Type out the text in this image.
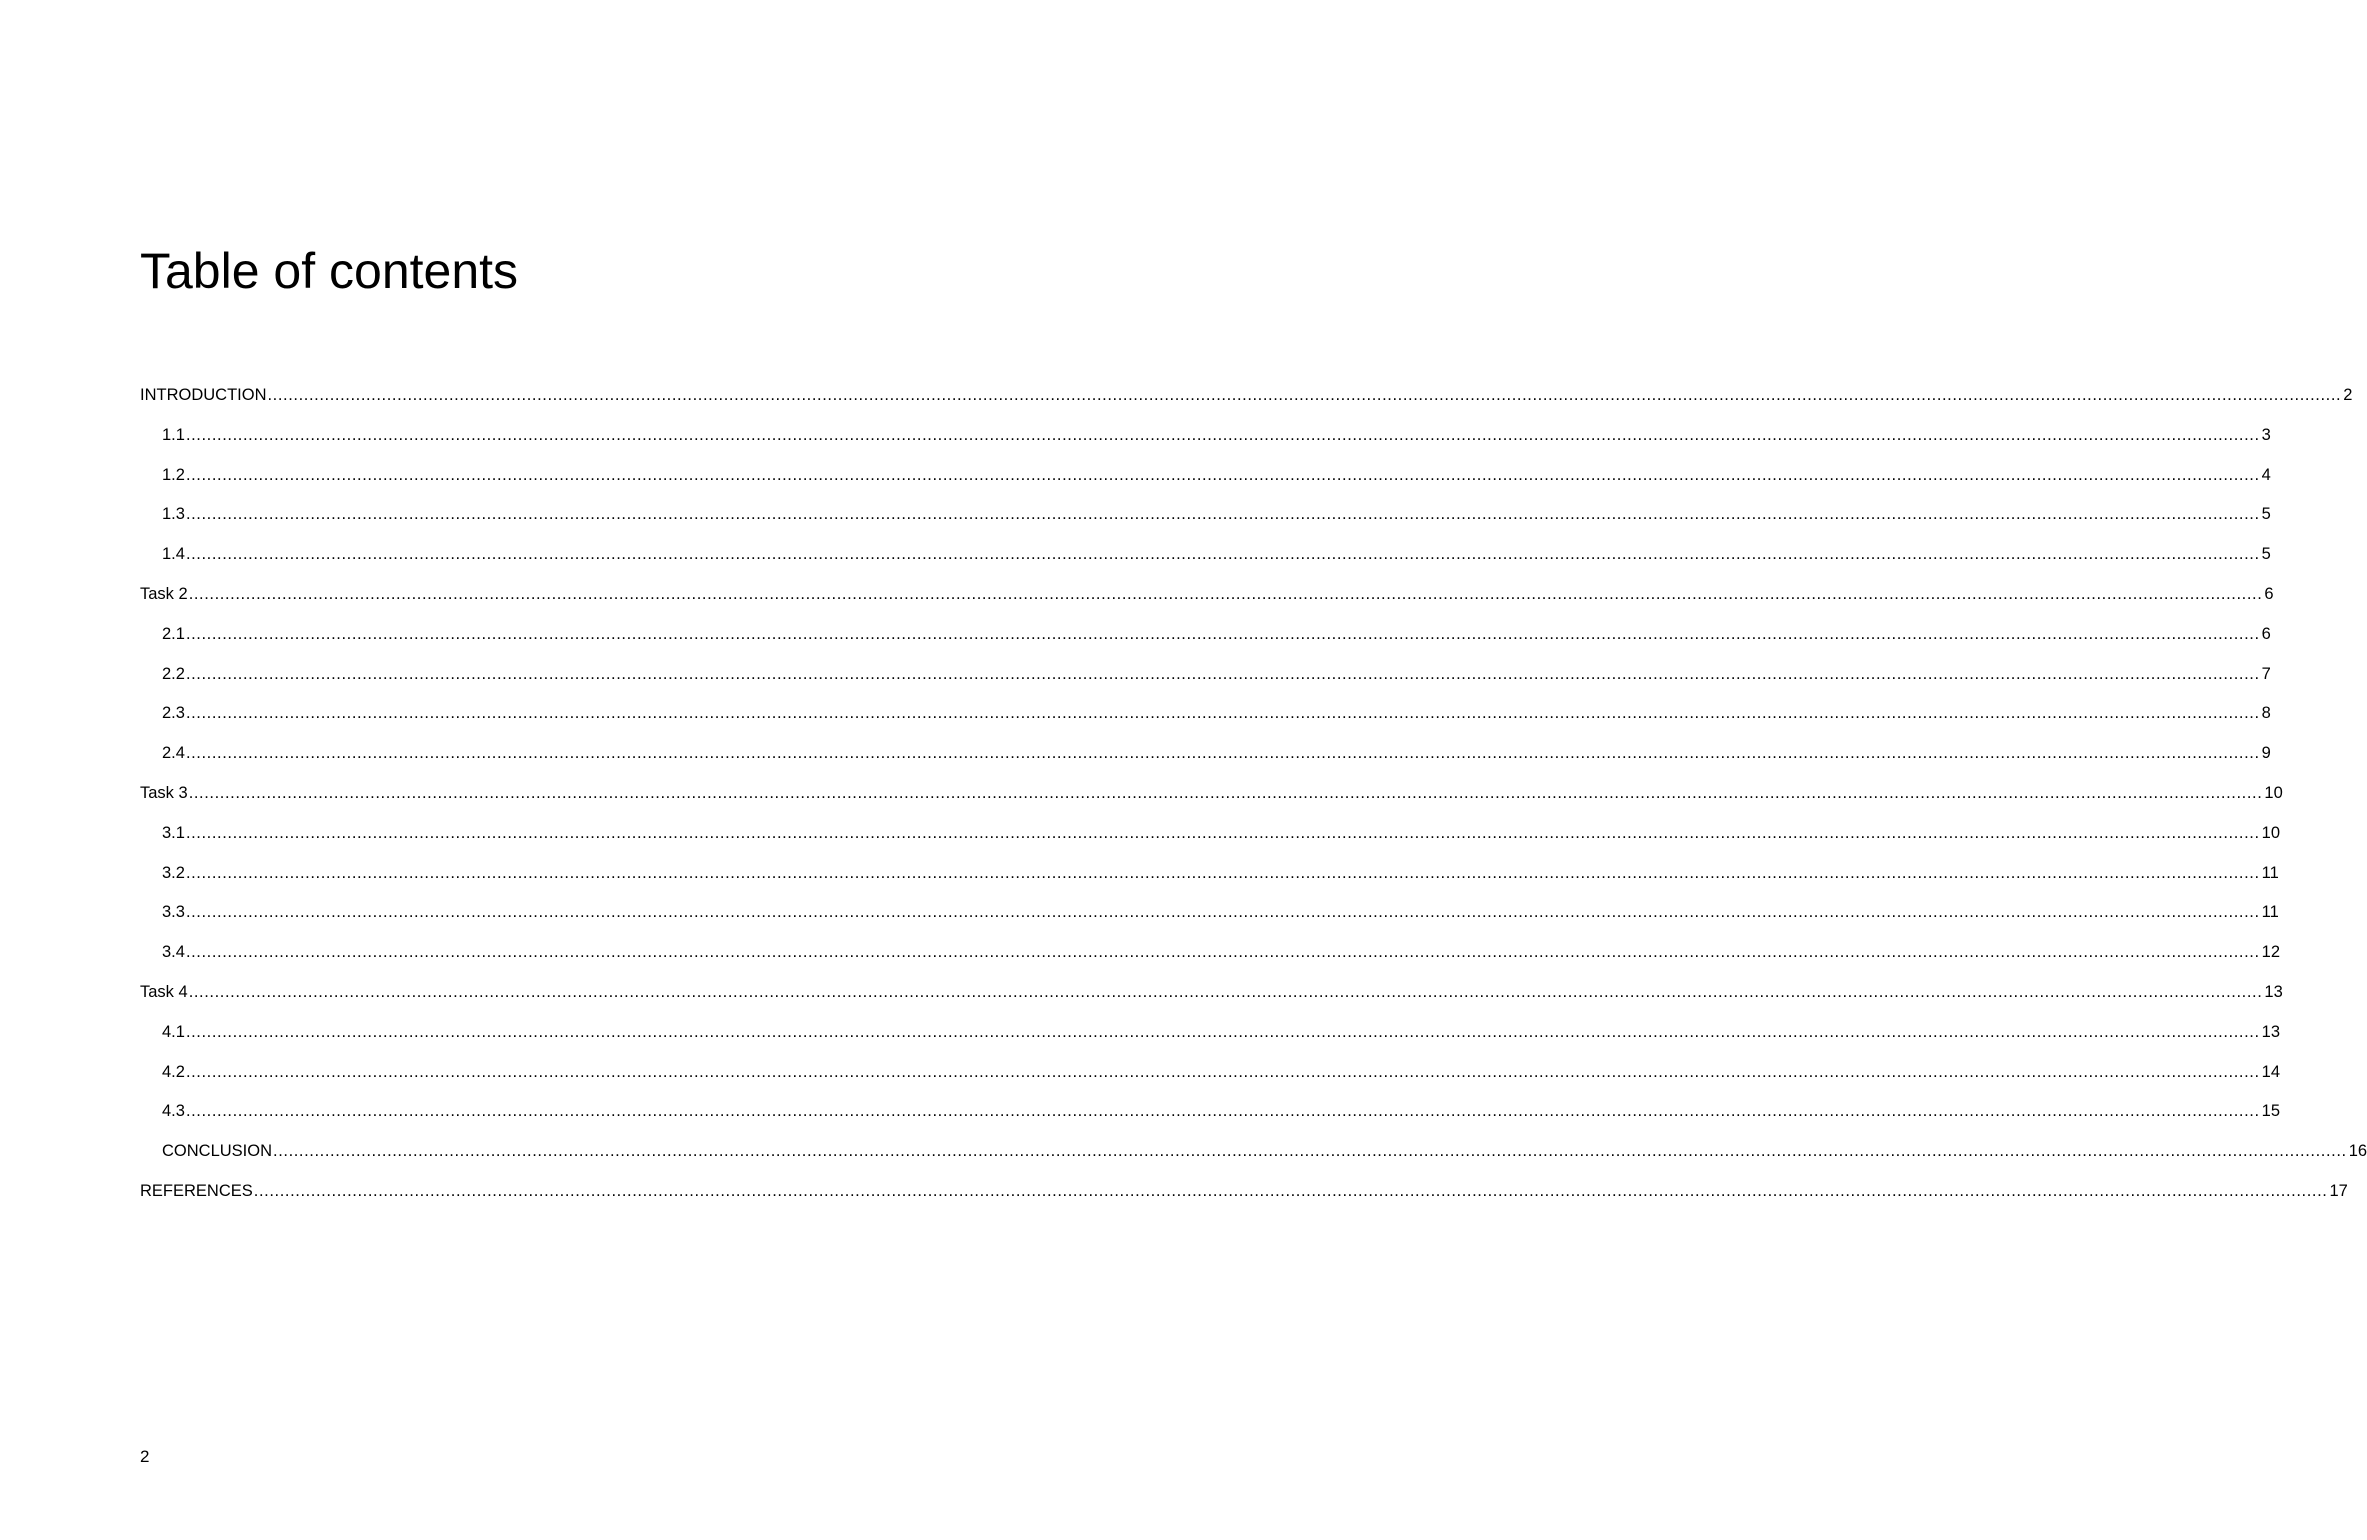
Table of contents
INTRODUCTION ................................................................................................................................................................................................................................................................................................................................................................................................................ 2
1.1 ................................................................................................................................................................................................................................................................................................................................................................................................................ 3
1.2 ................................................................................................................................................................................................................................................................................................................................................................................................................ 4
1.3 ................................................................................................................................................................................................................................................................................................................................................................................................................ 5
1.4 ................................................................................................................................................................................................................................................................................................................................................................................................................ 5
Task 2 ................................................................................................................................................................................................................................................................................................................................................................................................................ 6
2.1 ................................................................................................................................................................................................................................................................................................................................................................................................................ 6
2.2 ................................................................................................................................................................................................................................................................................................................................................................................................................ 7
2.3 ................................................................................................................................................................................................................................................................................................................................................................................................................ 8
2.4 ................................................................................................................................................................................................................................................................................................................................................................................................................ 9
Task 3 ................................................................................................................................................................................................................................................................................................................................................................................................................ 10
3.1 ................................................................................................................................................................................................................................................................................................................................................................................................................ 10
3.2 ................................................................................................................................................................................................................................................................................................................................................................................................................ 11
3.3 ................................................................................................................................................................................................................................................................................................................................................................................................................ 11
3.4 ................................................................................................................................................................................................................................................................................................................................................................................................................ 12
Task 4 ................................................................................................................................................................................................................................................................................................................................................................................................................ 13
4.1 ................................................................................................................................................................................................................................................................................................................................................................................................................ 13
4.2 ................................................................................................................................................................................................................................................................................................................................................................................................................ 14
4.3 ................................................................................................................................................................................................................................................................................................................................................................................................................ 15
CONCLUSION ................................................................................................................................................................................................................................................................................................................................................................................................................ 16
REFERENCES ................................................................................................................................................................................................................................................................................................................................................................................................................ 17
2
